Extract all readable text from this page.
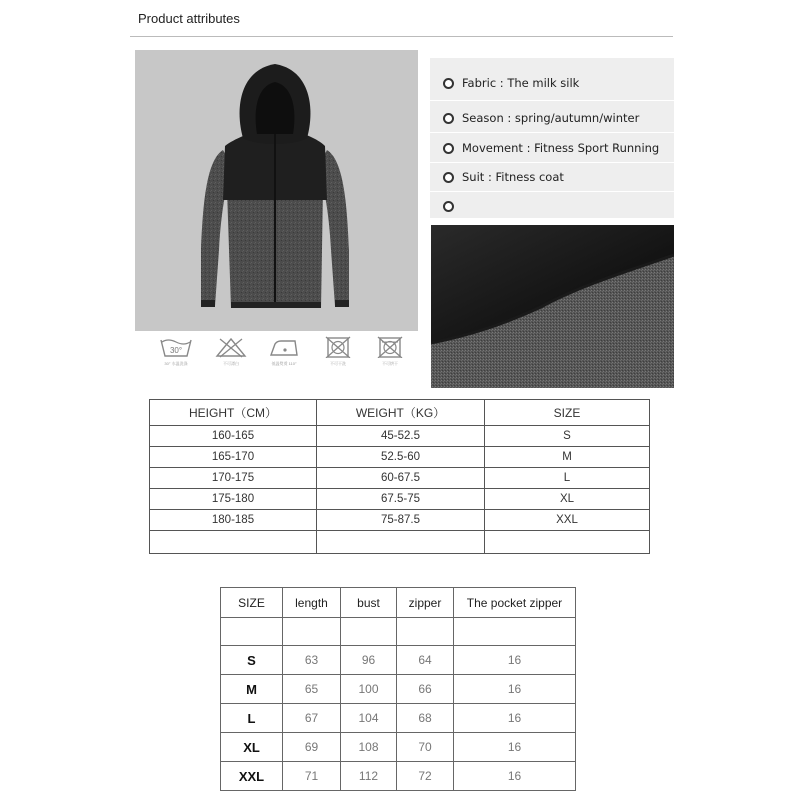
Product attributes
30°
30° 水温洗涤	不可漂白	低温熨烫 110°	不可干洗	不可烘干
Fabric : The milk silk
Season : spring/autumn/winter
Movement : Fitness Sport Running
Suit : Fitness coat
HEIGHT（CM）	WEIGHT（KG）	SIZE
160-165	45-52.5	S
165-170	52.5-60	M
170-175	60-67.5	L
175-180	67.5-75	XL
180-185	75-87.5	XXL

SIZE	length	bust	zipper	The pocket zipper

S	63	96	64	16
M	65	100	66	16
L	67	104	68	16
XL	69	108	70	16
XXL	71	112	72	16
